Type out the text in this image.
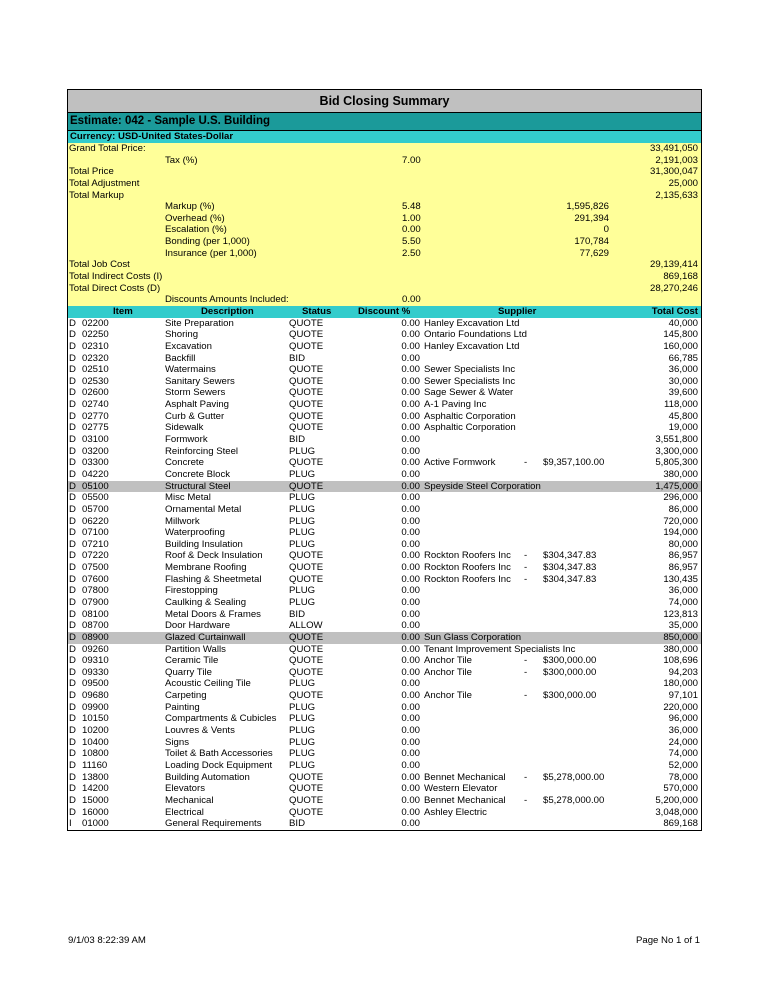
Bid Closing Summary
Estimate: 042 - Sample U.S. Building
Currency: USD-United States-Dollar
Grand Total Price:	33,491,050
Tax (%)	7.00	2,191,003
Total Price	31,300,047
Total Adjustment	25,000
Total Markup	2,135,633
Markup (%)	5.48	1,595,826
Overhead (%)	1.00	291,394
Escalation (%)	0.00	0
Bonding (per 1,000)	5.50	170,784
Insurance (per 1,000)	2.50	77,629
Total Job Cost	29,139,414
Total Indirect Costs (I)	869,168
Total Direct Costs (D)	28,270,246
Discounts Amounts Included:	0.00
Item	Description	Status	Discount %	Supplier	Total Cost
D 02200	Site Preparation	QUOTE	0.00 Hanley Excavation Ltd	40,000
D 02250	Shoring	QUOTE	0.00 Ontario Foundations Ltd	145,800
D 02310	Excavation	QUOTE	0.00 Hanley Excavation Ltd	160,000
D 02320	Backfill	BID	0.00	66,785
D 02510	Watermains	QUOTE	0.00 Sewer Specialists Inc	36,000
D 02530	Sanitary Sewers	QUOTE	0.00 Sewer Specialists Inc	30,000
D 02600	Storm Sewers	QUOTE	0.00 Sage Sewer & Water	39,600
D 02740	Asphalt Paving	QUOTE	0.00 A-1 Paving Inc	118,000
D 02770	Curb & Gutter	QUOTE	0.00 Asphaltic Corporation	45,800
D 02775	Sidewalk	QUOTE	0.00 Asphaltic Corporation	19,000
D 03100	Formwork	BID	0.00	3,551,800
D 03200	Reinforcing Steel	PLUG	0.00	3,300,000
D 03300	Concrete	QUOTE	0.00 Active Formwork	- $9,357,100.00	5,805,300
D 04220	Concrete Block	PLUG	0.00	380,000
D 05100	Structural Steel	QUOTE	0.00 Speyside Steel Corporation	1,475,000
D 05500	Misc Metal	PLUG	0.00	296,000
D 05700	Ornamental Metal	PLUG	0.00	86,000
D 06220	Millwork	PLUG	0.00	720,000
D 07100	Waterproofing	PLUG	0.00	194,000
D 07210	Building Insulation	PLUG	0.00	80,000
D 07220	Roof & Deck Insulation	QUOTE	0.00 Rockton Roofers Inc - $304,347.83	86,957
D 07500	Membrane Roofing	QUOTE	0.00 Rockton Roofers Inc - $304,347.83	86,957
D 07600	Flashing & Sheetmetal	QUOTE	0.00 Rockton Roofers Inc - $304,347.83	130,435
D 07800	Firestopping	PLUG	0.00	36,000
D 07900	Caulking & Sealing	PLUG	0.00	74,000
D 08100	Metal Doors & Frames	BID	0.00	123,813
D 08700	Door Hardware	ALLOW	0.00	35,000
D 08900	Glazed Curtainwall	QUOTE	0.00 Sun Glass Corporation	850,000
D 09260	Partition Walls	QUOTE	0.00 Tenant Improvement Specialists Inc	380,000
D 09310	Ceramic Tile	QUOTE	0.00 Anchor Tile	- $300,000.00	108,696
D 09330	Quarry Tile	QUOTE	0.00 Anchor Tile	- $300,000.00	94,203
D 09500	Acoustic Ceiling Tile	PLUG	0.00	180,000
D 09680	Carpeting	QUOTE	0.00 Anchor Tile	- $300,000.00	97,101
D 09900	Painting	PLUG	0.00	220,000
D 10150	Compartments & Cubicles PLUG	0.00	96,000
D 10200	Louvres & Vents	PLUG	0.00	36,000
D 10400	Signs	PLUG	0.00	24,000
D 10800	Toilet & Bath Accessories PLUG	0.00	74,000
D 11160	Loading Dock Equipment PLUG	0.00	52,000
D 13800	Building Automation	QUOTE	0.00 Bennet Mechanical - $5,278,000.00	78,000
D 14200	Elevators	QUOTE	0.00 Western Elevator	570,000
D 15000	Mechanical	QUOTE	0.00 Bennet Mechanical - $5,278,000.00	5,200,000
D 16000	Electrical	QUOTE	0.00 Ashley Electric	3,048,000
I 01000	General Requirements	BID	0.00	869,168
9/1/03 8:22:39 AM	Page No 1 of 1
